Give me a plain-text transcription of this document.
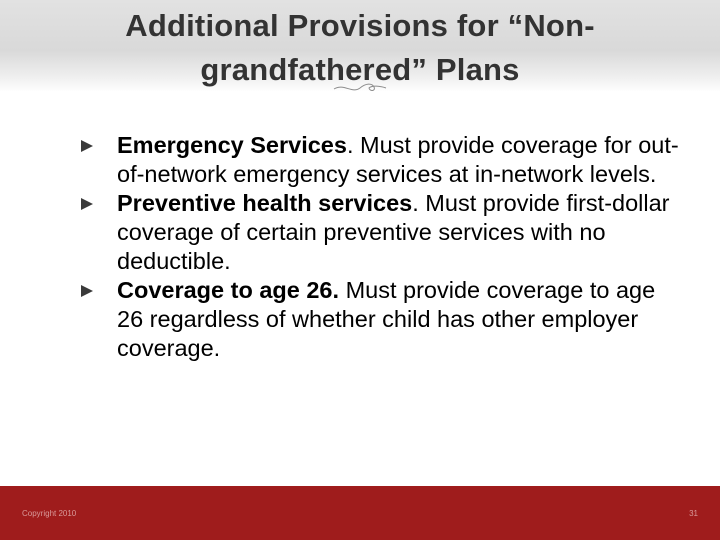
Additional Provisions for “Non-grandfathered” Plans
Emergency Services. Must provide coverage for out-of-network emergency services at in-network levels.
Preventive health services. Must provide first-dollar coverage of certain preventive services with no deductible.
Coverage to age 26. Must provide coverage to age 26 regardless of whether child has other employer coverage.
Copyright 2010	31
